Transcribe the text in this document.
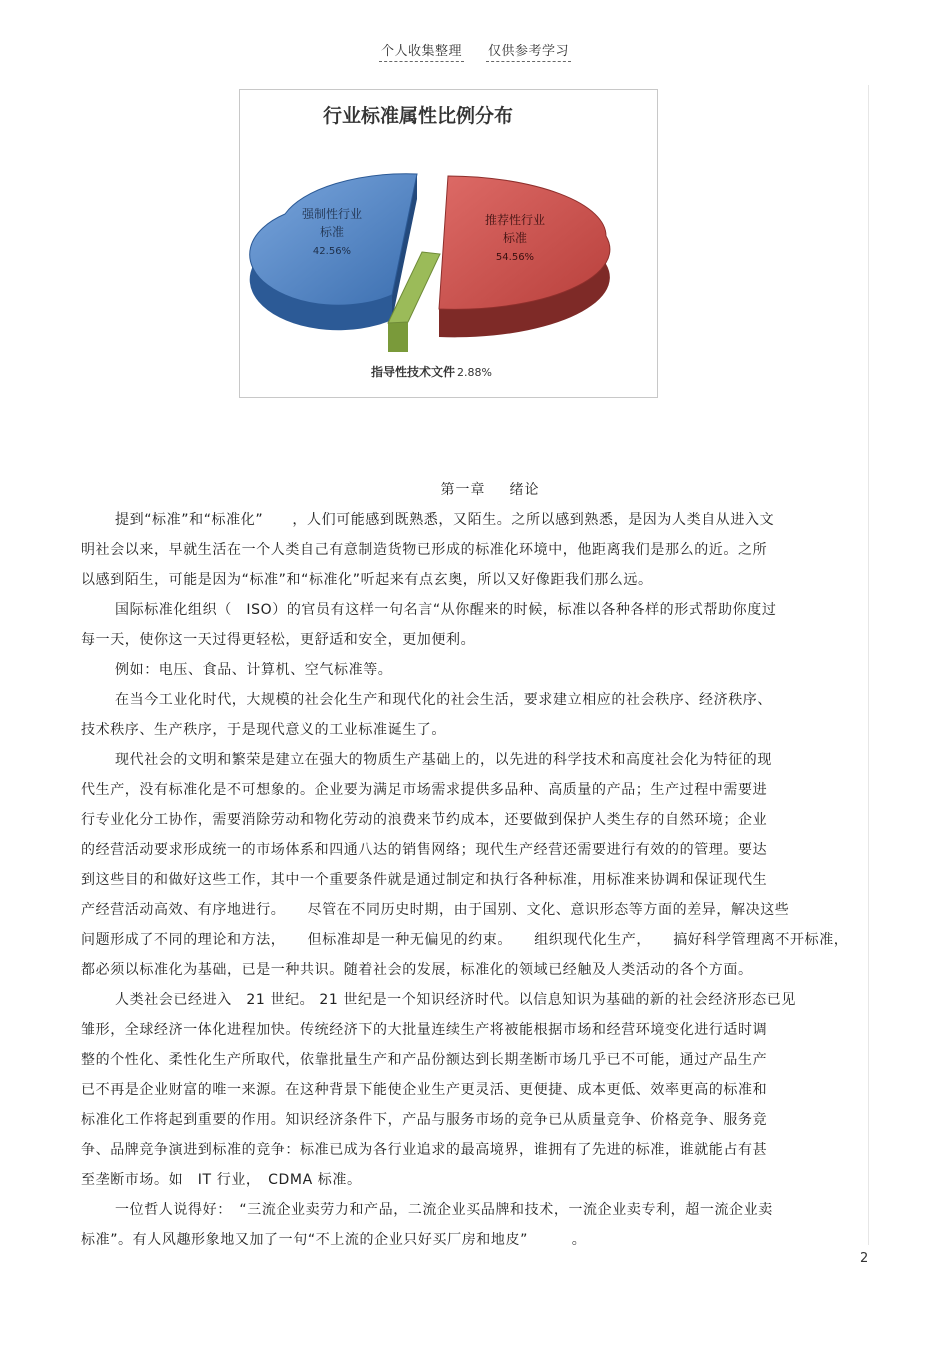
个人收集整理 仅供参考学习
行业标准属性比例分布
强制性行业
标准
42.56%
推荐性行业
标准
54.56%
指导性技术文件 2.88%
第一章 绪论

提到“标准”和“标准化”　　，人们可能感到既熟悉，又陌生。之所以感到熟悉，是因为人类自从进入文
明社会以来，早就生活在一个人类自己有意制造货物已形成的标准化环境中，他距离我们是那么的近。之所
以感到陌生，可能是因为“标准”和“标准化”听起来有点玄奥，所以又好像距我们那么远。

国际标准化组织（　ISO）的官员有这样一句名言“从你醒来的时候，标准以各种各样的形式帮助你度过
每一天，使你这一天过得更轻松，更舒适和安全，更加便利。

例如：电压、食品、计算机、空气标准等。

在当今工业化时代，大规模的社会化生产和现代化的社会生活，要求建立相应的社会秩序、经济秩序、
技术秩序、生产秩序，于是现代意义的工业标准诞生了。

现代社会的文明和繁荣是建立在强大的物质生产基础上的，以先进的科学技术和高度社会化为特征的现
代生产，没有标准化是不可想象的。企业要为满足市场需求提供多品种、高质量的产品；生产过程中需要进
行专业化分工协作，需要消除劳动和物化劳动的浪费来节约成本，还要做到保护人类生存的自然环境；企业
的经营活动要求形成统一的市场体系和四通八达的销售网络；现代生产经营还需要进行有效的的管理。要达
到这些目的和做好这些工作，其中一个重要条件就是通过制定和执行各种标准，用标准来协调和保证现代生
产经营活动高效、有序地进行。　　尽管在不同历史时期，由于国别、文化、意识形态等方面的差异，解决这些
问题形成了不同的理论和方法，　　但标准却是一种无偏见的约束。　　组织现代化生产，　　搞好科学管理离不开标准，
都必须以标准化为基础，已是一种共识。随着社会的发展，标准化的领域已经触及人类活动的各个方面。

人类社会已经进入　21 世纪。 21 世纪是一个知识经济时代。以信息知识为基础的新的社会经济形态已见
雏形，全球经济一体化进程加快。传统经济下的大批量连续生产将被能根据市场和经营环境变化进行适时调
整的个性化、柔性化生产所取代，依靠批量生产和产品份额达到长期垄断市场几乎已不可能，通过产品生产
已不再是企业财富的唯一来源。在这种背景下能使企业生产更灵活、更便捷、成本更低、效率更高的标准和
标准化工作将起到重要的作用。知识经济条件下，产品与服务市场的竞争已从质量竞争、价格竞争、服务竞
争、品牌竞争演进到标准的竞争：标准已成为各行业追求的最高境界，谁拥有了先进的标准，谁就能占有甚
至垄断市场。如　IT 行业，　CDMA 标准。

一位哲人说得好：　“三流企业卖劳力和产品，二流企业买品牌和技术，一流企业卖专利，超一流企业卖
标准”。有人风趣形象地又加了一句“不上流的企业只好买厂房和地皮”　　　。

2
